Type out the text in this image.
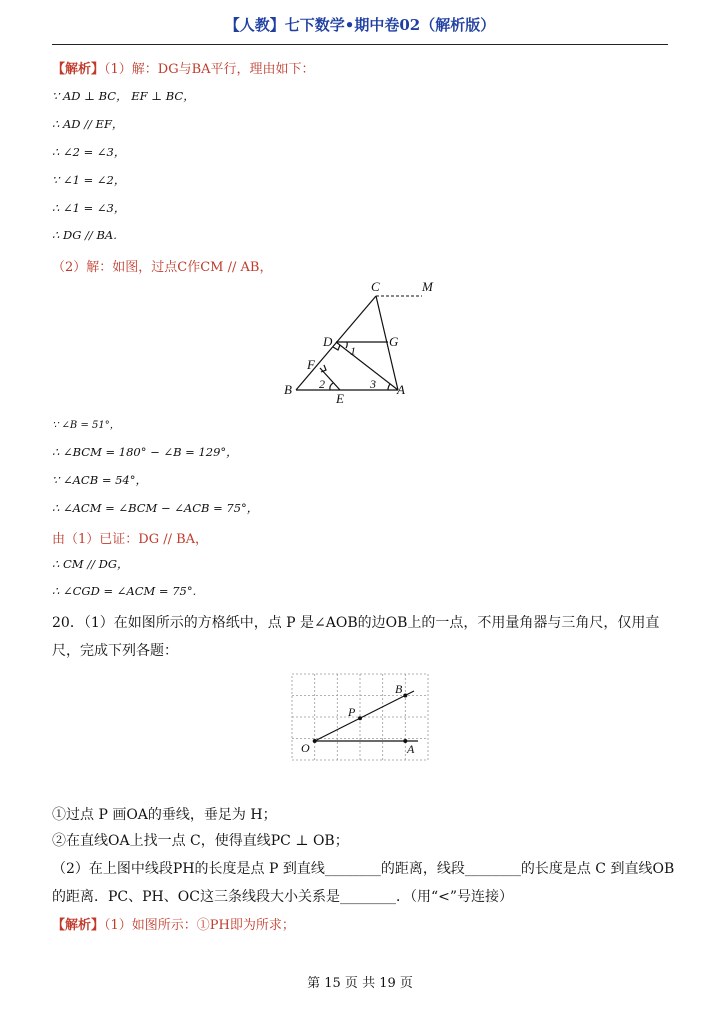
【人教】七下数学•期中卷02（解析版）
【解析】（1）解：DG与BA平行，理由如下：
∵ AD ⊥ BC， EF ⊥ BC，
∴ AD // EF，
∴ ∠2 = ∠3，
∵ ∠1 = ∠2，
∴ ∠1 = ∠3，
∴ DG // BA.
（2）解：如图，过点C作CM // AB，
C	M
D	G
F
B
E
A
1
2	3
∵ ∠B = 51°，
∴ ∠BCM = 180° − ∠B = 129°，
∵ ∠ACB = 54°，
∴ ∠ACM = ∠BCM − ∠ACB = 75°，
由（1）已证：DG // BA，
∴ CM // DG，
∴ ∠CGD = ∠ACM = 75°.
20．（1）在如图所示的方格纸中，点 P 是∠AOB的边OB上的一点，不用量角器与三角尺，仅用直
尺，完成下列各题：
O
P
A
B
①过点 P 画OA的垂线，垂足为 H；
②在直线OA上找一点 C，使得直线PC ⊥ OB；
（2）在上图中线段PH的长度是点 P 到直线________的距离，线段________的长度是点 C 到直线OB
的距离．PC、PH、OC这三条线段大小关系是________．（用“<”号连接）
【解析】（1）如图所示：①PH即为所求；
第 15 页 共 19 页
